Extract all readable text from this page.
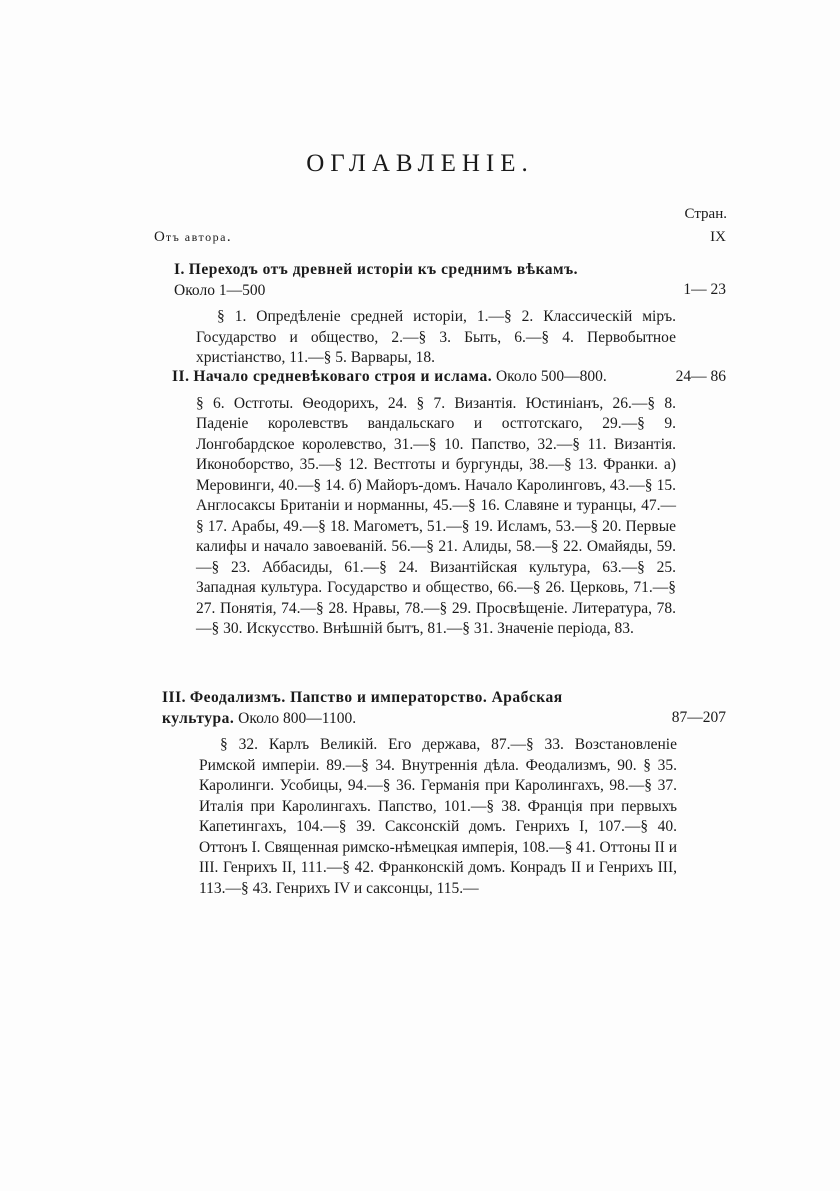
ОГЛАВЛЕНІЕ.
Стран.
Отъ автора.	IX
I. Переходъ отъ древней исторіи къ среднимъ вѣкамъ. Около 1—500	1— 23
§ 1. Опредѣленіе средней исторіи, 1.—§ 2. Классическій міръ. Государство и общество, 2.—§ 3. Быть, 6.—§ 4. Первобытное христіанство, 11.—§ 5. Варвары, 18.
II. Начало средневѣковаго строя и ислама. Около 500—800.	24— 86
§ 6. Остготы. Ѳеодорихъ, 24. § 7. Византія. Юстиніанъ, 26.—§ 8. Паденіе королевствъ вандальскаго и остготскаго, 29.—§ 9. Лонгобардское королевство, 31.—§ 10. Папство, 32.—§ 11. Византія. Иконоборство, 35.—§ 12. Вестготы и бургунды, 38.—§ 13. Франки. а) Меровинги, 40.—§ 14. б) Майоръ-домъ. Начало Каролинговъ, 43.—§ 15. Англосаксы Британіи и норманны, 45.—§ 16. Славяне и туранцы, 47.—§ 17. Арабы, 49.—§ 18. Магометъ, 51.—§ 19. Исламъ, 53.—§ 20. Первые калифы и начало завоеваній. 56.—§ 21. Алиды, 58.—§ 22. Омайяды, 59.—§ 23. Аббасиды, 61.—§ 24. Византійская культура, 63.—§ 25. Западная культура. Государство и общество, 66.—§ 26. Церковь, 71.—§ 27. Понятія, 74.—§ 28. Нравы, 78.—§ 29. Просвѣщеніе. Литература, 78.—§ 30. Искусство. Внѣшній бытъ, 81.—§ 31. Значеніе періода, 83.
III. Феодализмъ. Папство и императорство. Арабская культура. Около 800—1100.	87—207
§ 32. Карлъ Великій. Его держава, 87.—§ 33. Возстановленіе Римской имперіи. 89.—§ 34. Внутреннія дѣла. Феодализмъ, 90. § 35. Каролинги. Усобицы, 94.—§ 36. Германія при Каролингахъ, 98.—§ 37. Италія при Каролингахъ. Папство, 101.—§ 38. Франція при первыхъ Капетингахъ, 104.—§ 39. Саксонскій домъ. Генрихъ I, 107.—§ 40. Оттонъ I. Священная римско-нѣмецкая имперія, 108.—§ 41. Оттоны II и III. Генрихъ II, 111.—§ 42. Франконскій домъ. Конрадъ II и Генрихъ III, 113.—§ 43. Генрихъ IV и саксонцы, 115.—
